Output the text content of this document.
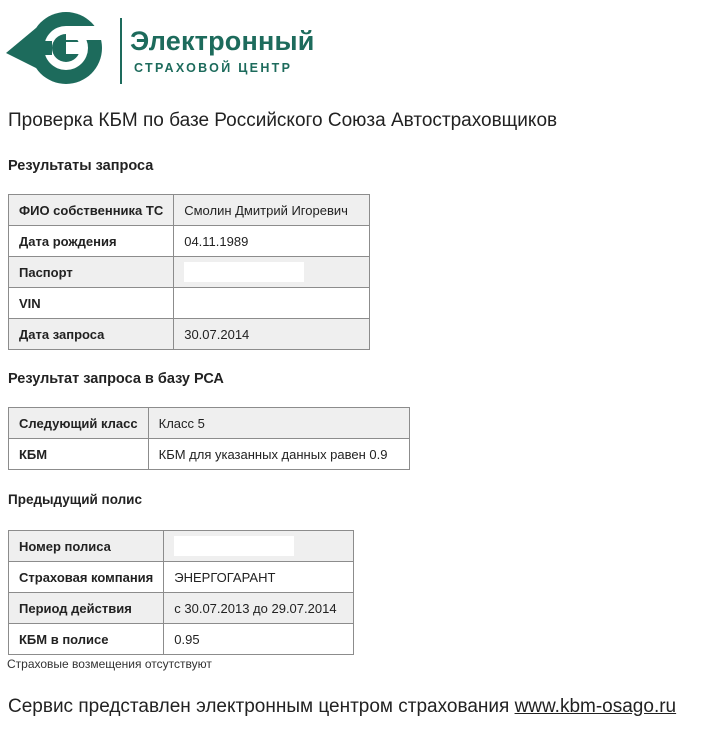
Электронный
СТРАХОВОЙ ЦЕНТР
Проверка КБМ по базе Российского Союза Автостраховщиков
Результаты запроса
ФИО собственника ТС	Смолин Дмитрий Игоревич
Дата рождения	04.11.1989
Паспорт	
VIN	
Дата запроса	30.07.2014
Результат запроса в базу РСА
Следующий класс	Класс 5
КБМ	КБМ для указанных данных равен 0.9
Предыдущий полис
Номер полиса	
Страховая компания	ЭНЕРГОГАРАНТ
Период действия	с 30.07.2013 до 29.07.2014
КБМ в полисе	0.95
Страховые возмещения отсутствуют
Сервис представлен электронным центром страхования www.kbm-osago.ru
